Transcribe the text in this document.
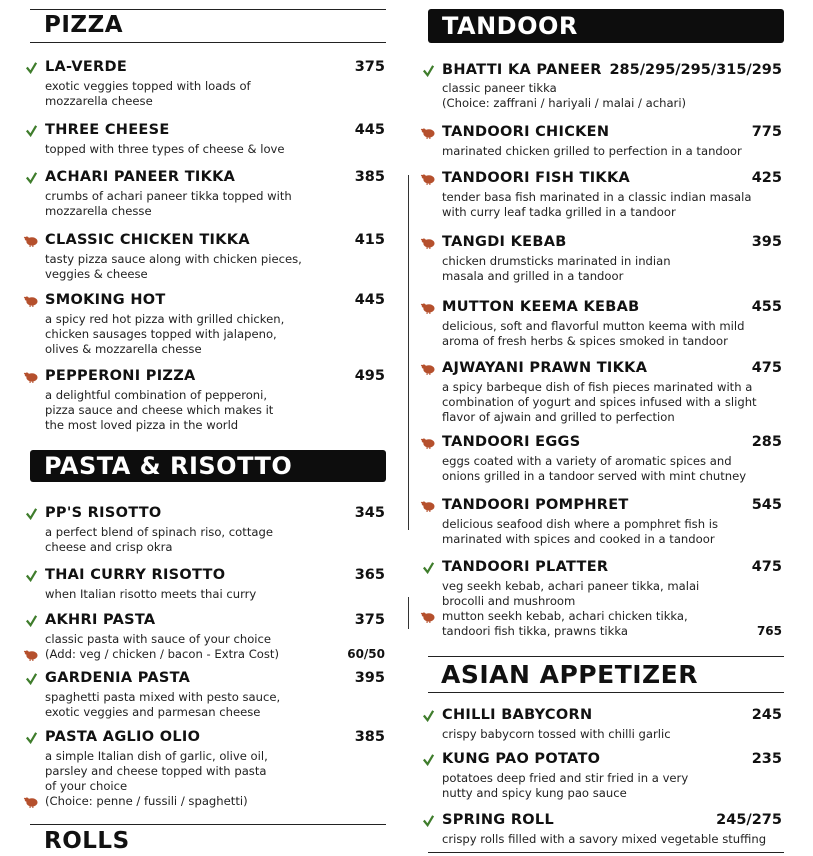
PIZZA
LA-VERDE	375
exotic veggies topped with loads of
mozzarella cheese
THREE CHEESE	445
topped with three types of cheese & love
ACHARI PANEER TIKKA	385
crumbs of achari paneer tikka topped with
mozzarella chesse
CLASSIC CHICKEN TIKKA	415
tasty pizza sauce along with chicken pieces,
veggies & cheese
SMOKING HOT	445
a spicy red hot pizza with grilled chicken,
chicken sausages topped with jalapeno,
olives & mozzarella chesse
PEPPERONI PIZZA	495
a delightful combination of pepperoni,
pizza sauce and cheese which makes it
the most loved pizza in the world
PASTA & RISOTTO
PP'S RISOTTO	345
a perfect blend of spinach riso, cottage
cheese and crisp okra
THAI CURRY RISOTTO	365
when Italian risotto meets thai curry
AKHRI PASTA	375
classic pasta with sauce of your choice
(Add: veg / chicken / bacon - Extra Cost)	60/50
GARDENIA PASTA	395
spaghetti pasta mixed with pesto sauce,
exotic veggies and parmesan cheese
PASTA AGLIO OLIO	385
a simple Italian dish of garlic, olive oil,
parsley and cheese topped with pasta
of your choice
(Choice: penne / fussili / spaghetti)
ROLLS
TANDOOR
BHATTI KA PANEER 285/295/295/315/295
classic paneer tikka
(Choice: zaffrani / hariyali / malai / achari)
TANDOORI CHICKEN	775
marinated chicken grilled to perfection in a tandoor
TANDOORI FISH TIKKA	425
tender basa fish marinated in a classic indian masala
with curry leaf tadka grilled in a tandoor
TANGDI KEBAB	395
chicken drumsticks marinated in indian
masala and grilled in a tandoor
MUTTON KEEMA KEBAB	455
delicious, soft and flavorful mutton keema with mild
aroma of fresh herbs & spices smoked in tandoor
AJWAYANI PRAWN TIKKA	475
a spicy barbeque dish of fish pieces marinated with a
combination of yogurt and spices infused with a slight
flavor of ajwain and grilled to perfection
TANDOORI EGGS	285
eggs coated with a variety of aromatic spices and
onions grilled in a tandoor served with mint chutney
TANDOORI POMPHRET	545
delicious seafood dish where a pomphret fish is
marinated with spices and cooked in a tandoor
TANDOORI PLATTER	475
veg seekh kebab, achari paneer tikka, malai
brocolli and mushroom
mutton seekh kebab, achari chicken tikka,
tandoori fish tikka, prawns tikka	765
ASIAN APPETIZER
CHILLI BABYCORN	245
crispy babycorn tossed with chilli garlic
KUNG PAO POTATO	235
potatoes deep fried and stir fried in a very
nutty and spicy kung pao sauce
SPRING ROLL	245/275
crispy rolls filled with a savory mixed vegetable stuffing
